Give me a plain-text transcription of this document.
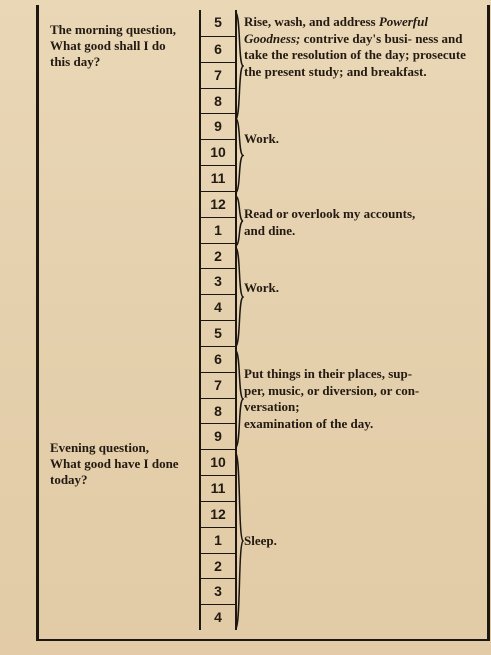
The morning question,
What good shall I do
this day?
Evening question,
What good have I done
today?
5
6
7
8
9
10
11
12
1
2
3
4
5
6
7
8
9
10
11
12
1
2
3
4
Rise, wash, and address Powerful Goodness; contrive day's busi- ness and take the resolution of the day; prosecute the present study; and breakfast.
Work.
Read or overlook my accounts,
and dine.
Work.
Put things in their places, sup-
per, music, or diversion, or con-
versation;
examination of the day.
Sleep.
